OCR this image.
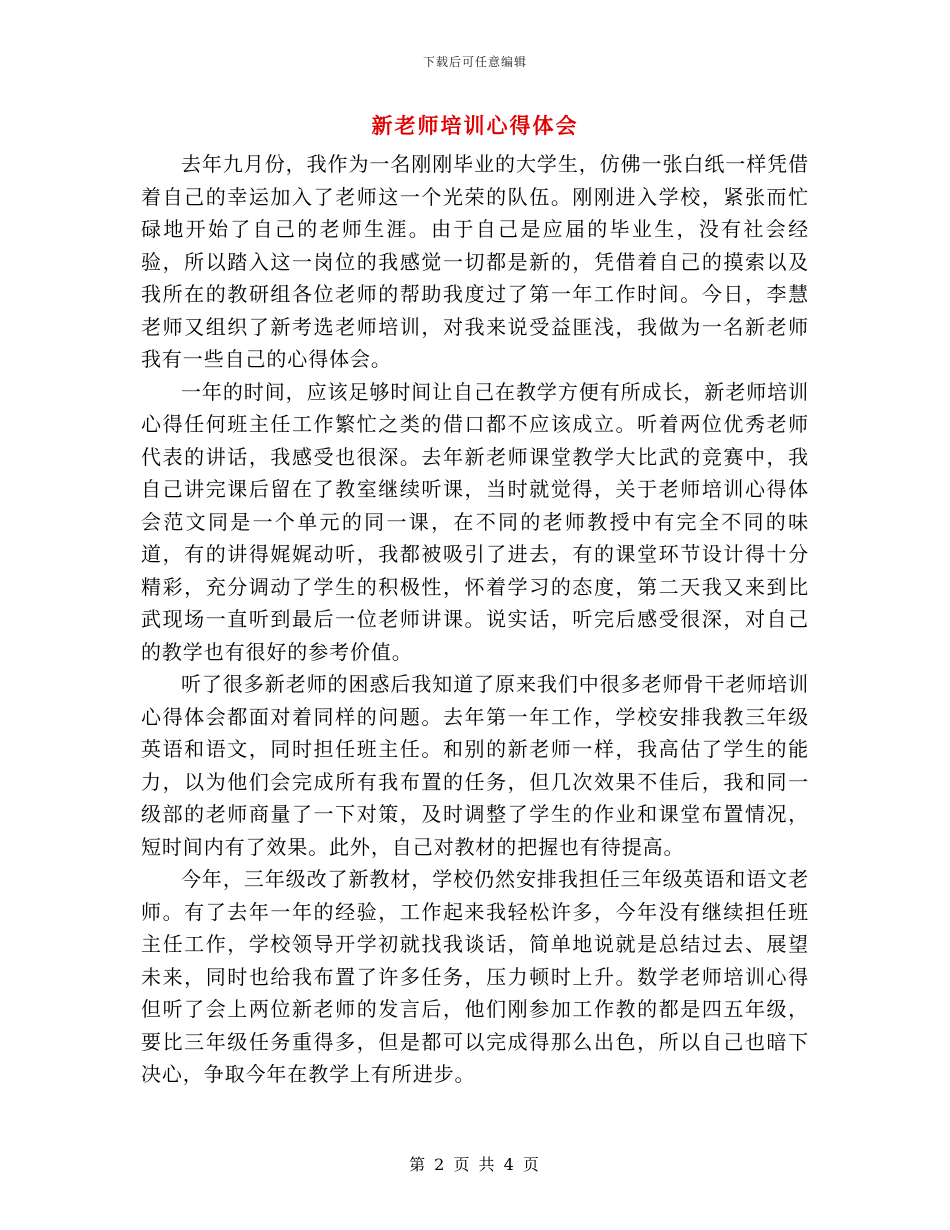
下载后可任意编辑
新老师培训心得体会

去年九月份，我作为一名刚刚毕业的大学生，仿佛一张白纸一样凭借着自己的幸运加入了老师这一个光荣的队伍。刚刚进入学校，紧张而忙碌地开始了自己的老师生涯。由于自己是应届的毕业生，没有社会经验，所以踏入这一岗位的我感觉一切都是新的，凭借着自己的摸索以及我所在的教研组各位老师的帮助我度过了第一年工作时间。今日，李慧老师又组织了新考选老师培训，对我来说受益匪浅，我做为一名新老师我有一些自己的心得体会。

一年的时间，应该足够时间让自己在教学方便有所成长，新老师培训心得任何班主任工作繁忙之类的借口都不应该成立。听着两位优秀老师代表的讲话，我感受也很深。去年新老师课堂教学大比武的竞赛中，我自己讲完课后留在了教室继续听课，当时就觉得，关于老师培训心得体会范文同是一个单元的同一课，在不同的老师教授中有完全不同的味道，有的讲得娓娓动听，我都被吸引了进去，有的课堂环节设计得十分精彩，充分调动了学生的积极性，怀着学习的态度，第二天我又来到比武现场一直听到最后一位老师讲课。说实话，听完后感受很深，对自己的教学也有很好的参考价值。

听了很多新老师的困惑后我知道了原来我们中很多老师骨干老师培训心得体会都面对着同样的问题。去年第一年工作，学校安排我教三年级英语和语文，同时担任班主任。和别的新老师一样，我高估了学生的能力，以为他们会完成所有我布置的任务，但几次效果不佳后，我和同一级部的老师商量了一下对策，及时调整了学生的作业和课堂布置情况，短时间内有了效果。此外，自己对教材的把握也有待提高。

今年，三年级改了新教材，学校仍然安排我担任三年级英语和语文老师。有了去年一年的经验，工作起来我轻松许多，今年没有继续担任班主任工作，学校领导开学初就找我谈话，简单地说就是总结过去、展望未来，同时也给我布置了许多任务，压力顿时上升。数学老师培训心得但听了会上两位新老师的发言后，他们刚参加工作教的都是四五年级，要比三年级任务重得多，但是都可以完成得那么出色，所以自己也暗下决心，争取今年在教学上有所进步。

第 2 页 共 4 页
